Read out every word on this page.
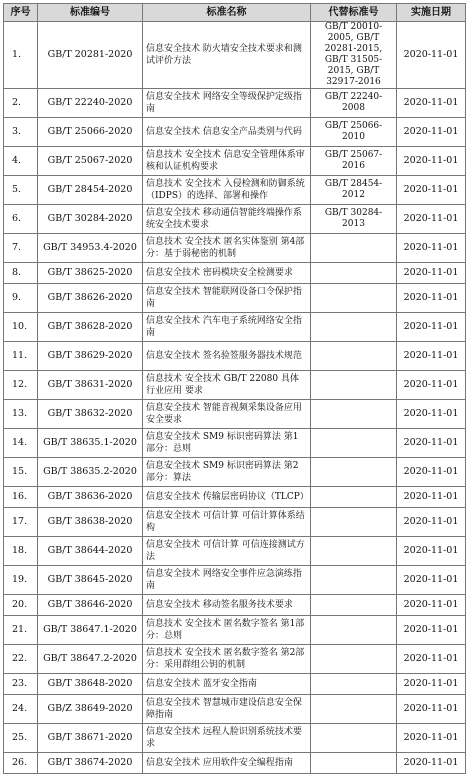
序号	标准编号	标准名称	代替标准号	实施日期
1.	GB/T 20281-2020	信息安全技术 防火墙安全技术要求和测试评价方法	GB/T 20010-2005, GB/T 20281-2015, GB/T 31505-2015, GB/T 32917-2016	2020-11-01
2.	GB/T 22240-2020	信息安全技术 网络安全等级保护定级指南	GB/T 22240-2008	2020-11-01
3.	GB/T 25066-2020	信息安全技术 信息安全产品类别与代码	GB/T 25066-2010	2020-11-01
4.	GB/T 25067-2020	信息技术 安全技术 信息安全管理体系审核和认证机构要求	GB/T 25067-2016	2020-11-01
5.	GB/T 28454-2020	信息技术 安全技术 入侵检测和防御系统（IDPS）的选择、部署和操作	GB/T 28454-2012	2020-11-01
6.	GB/T 30284-2020	信息安全技术 移动通信智能终端操作系统安全技术要求	GB/T 30284-2013	2020-11-01
7.	GB/T 34953.4-2020	信息技术 安全技术 匿名实体鉴别 第4部分：基于弱秘密的机制		2020-11-01
8.	GB/T 38625-2020	信息安全技术 密码模块安全检测要求		2020-11-01
9.	GB/T 38626-2020	信息安全技术 智能联网设备口令保护指南		2020-11-01
10.	GB/T 38628-2020	信息安全技术 汽车电子系统网络安全指南		2020-11-01
11.	GB/T 38629-2020	信息安全技术 签名验签服务器技术规范		2020-11-01
12.	GB/T 38631-2020	信息技术 安全技术 GB/T 22080 具体行业应用 要求		2020-11-01
13.	GB/T 38632-2020	信息安全技术 智能音视频采集设备应用安全要求		2020-11-01
14.	GB/T 38635.1-2020	信息安全技术 SM9 标识密码算法 第1部分：总则		2020-11-01
15.	GB/T 38635.2-2020	信息安全技术 SM9 标识密码算法 第2部分：算法		2020-11-01
16.	GB/T 38636-2020	信息安全技术 传输层密码协议（TLCP）		2020-11-01
17.	GB/T 38638-2020	信息安全技术 可信计算 可信计算体系结构		2020-11-01
18.	GB/T 38644-2020	信息安全技术 可信计算 可信连接测试方法		2020-11-01
19.	GB/T 38645-2020	信息安全技术 网络安全事件应急演练指南		2020-11-01
20.	GB/T 38646-2020	信息安全技术 移动签名服务技术要求		2020-11-01
21.	GB/T 38647.1-2020	信息技术 安全技术 匿名数字签名 第1部分：总则		2020-11-01
22.	GB/T 38647.2-2020	信息技术 安全技术 匿名数字签名 第2部分：采用群组公钥的机制		2020-11-01
23.	GB/T 38648-2020	信息安全技术 蓝牙安全指南		2020-11-01
24.	GB/Z 38649-2020	信息安全技术 智慧城市建设信息安全保障指南		2020-11-01
25.	GB/T 38671-2020	信息安全技术 远程人脸识别系统技术要求		2020-11-01
26.	GB/T 38674-2020	信息安全技术 应用软件安全编程指南		2020-11-01
